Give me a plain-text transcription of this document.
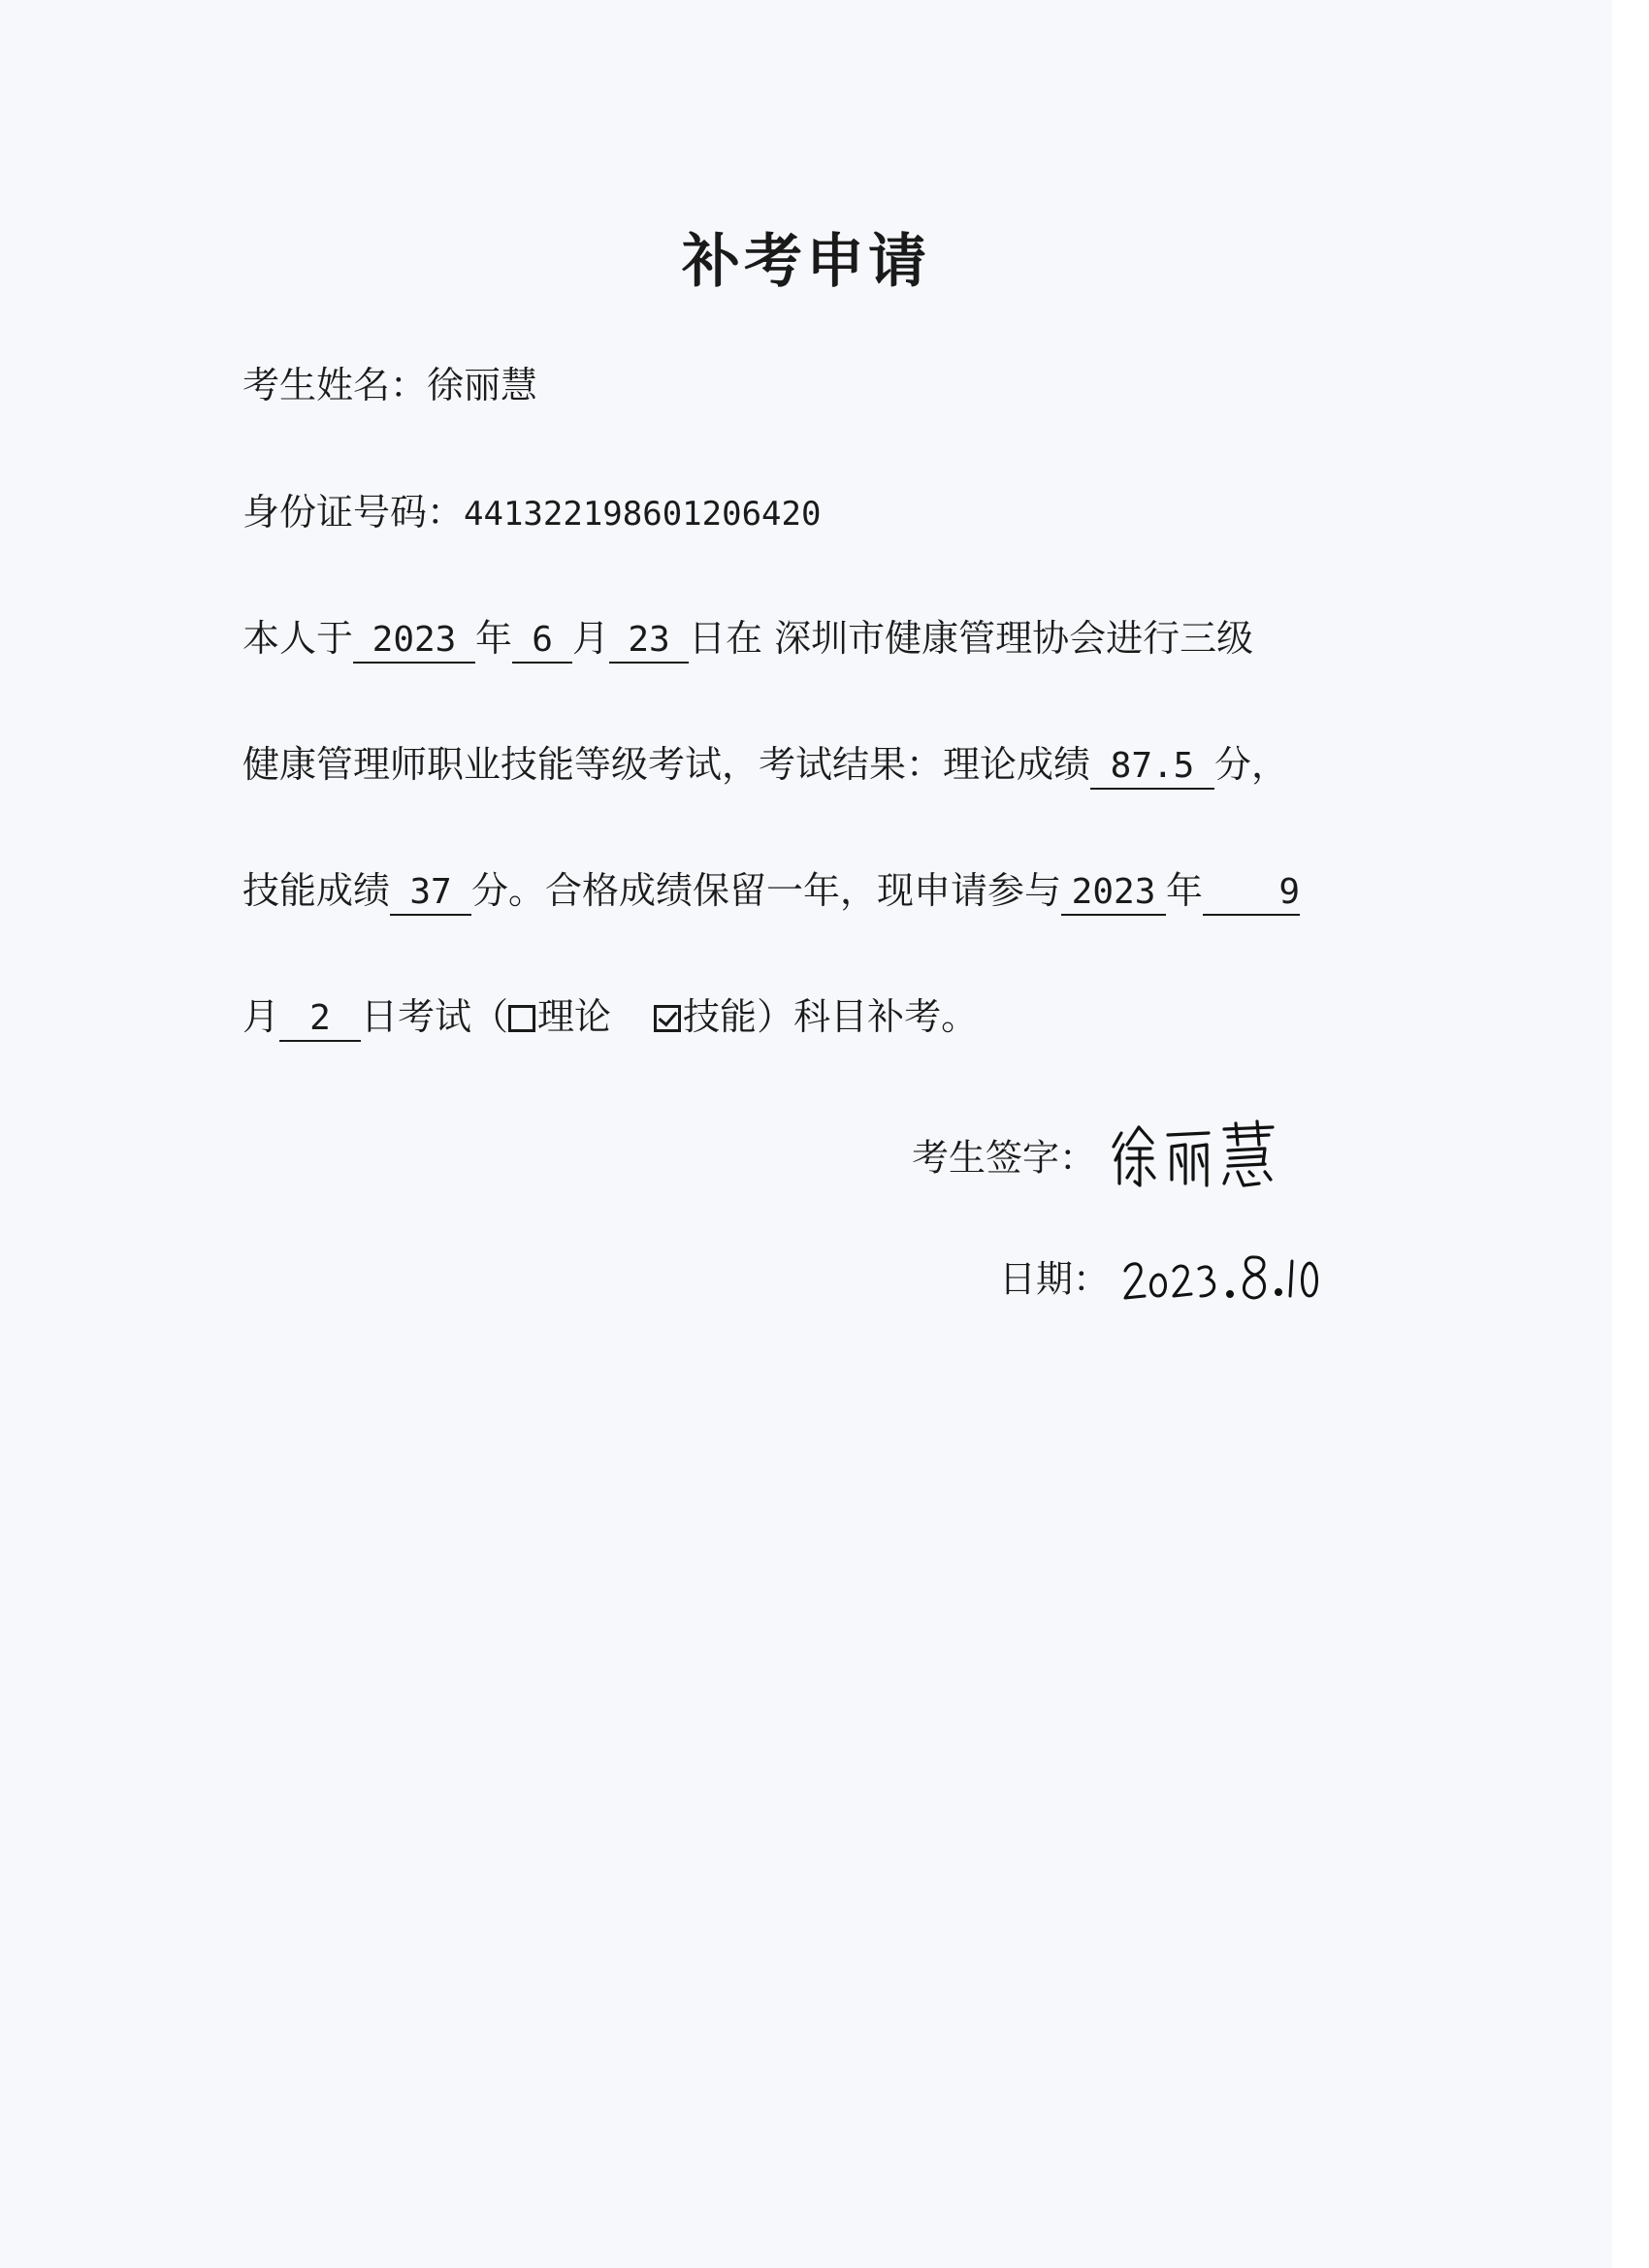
补考申请
考生姓名：徐丽慧
身份证号码：441322198601206420
本人于 2023 年 6 月 23 日在 深圳市健康管理协会进行三级
健康管理师职业技能等级考试，考试结果：理论成绩 87.5 分，
技能成绩 37 分。合格成绩保留一年，现申请参与 2023 年 9
月 2 日考试（ 理论 技能）科目补考。
考生签字：
日期：
